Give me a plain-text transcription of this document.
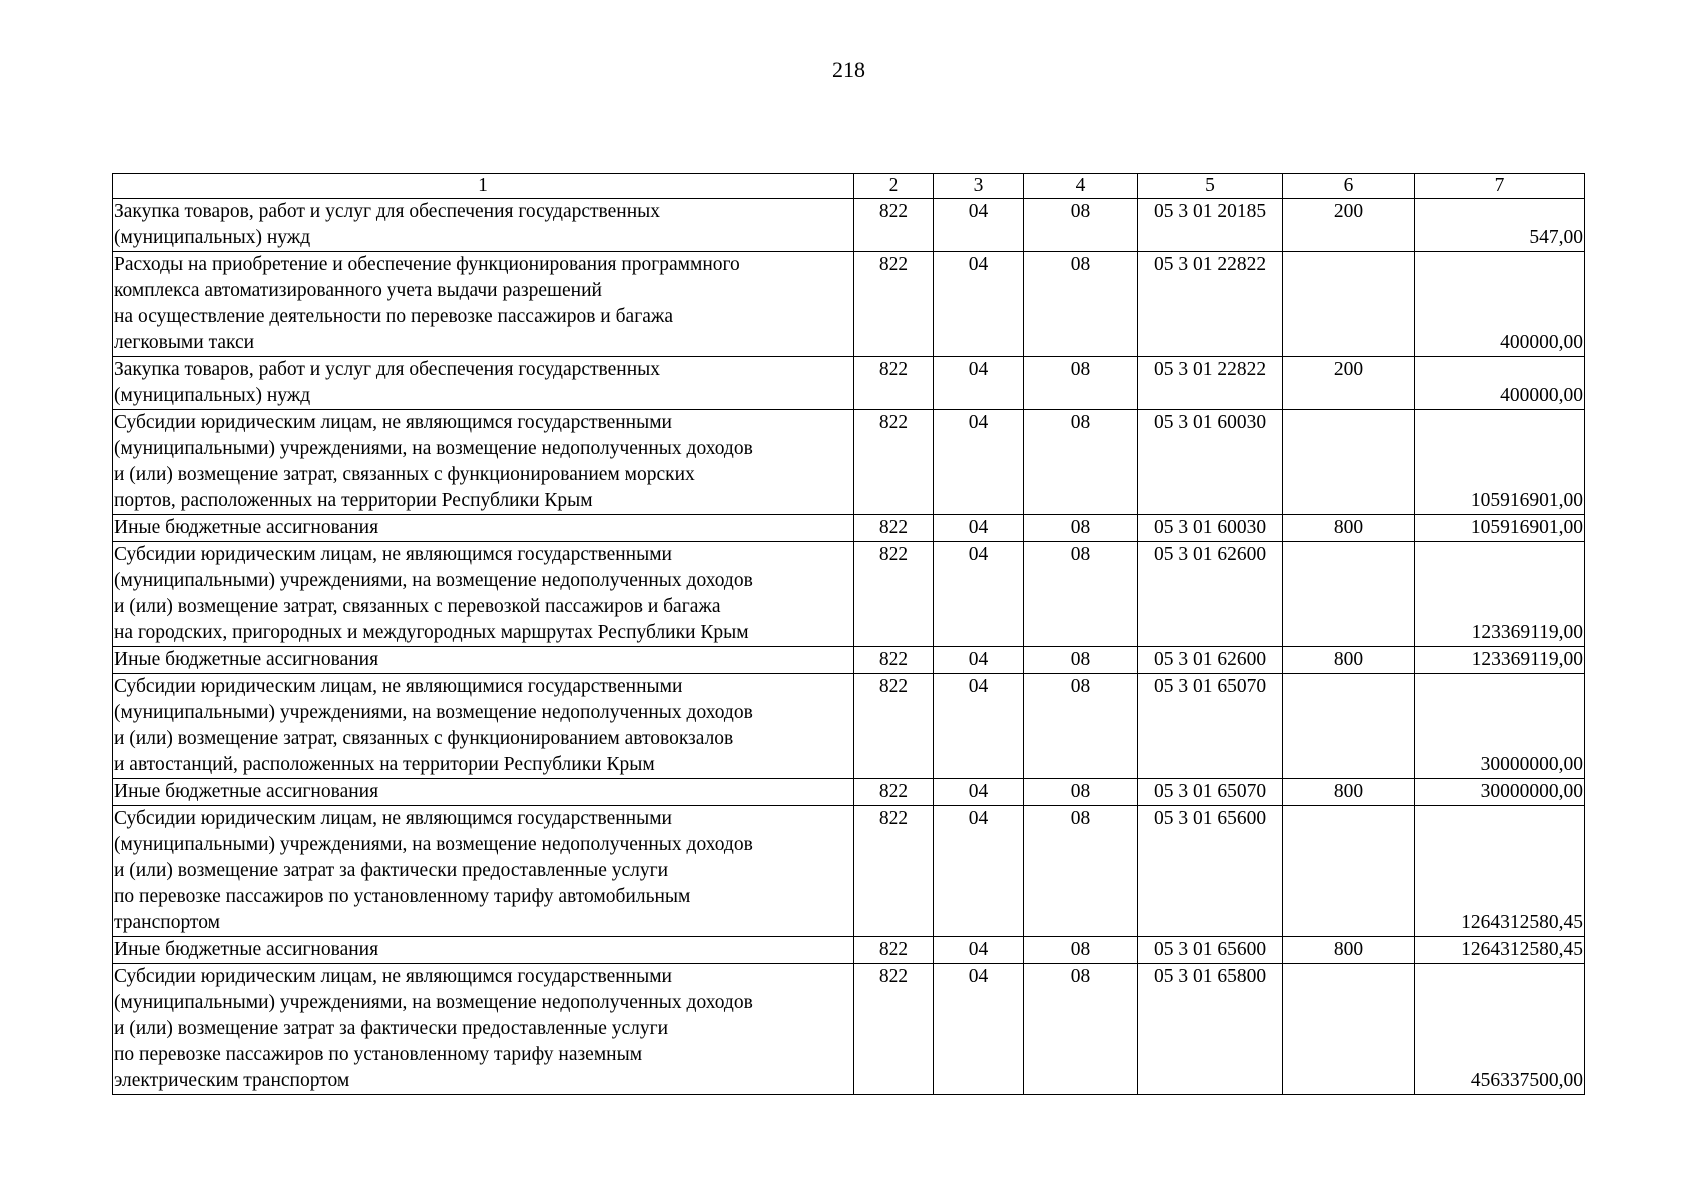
218
1	2	3	4	5	6	7
Закупка товаров, работ и услуг для обеспечения государственных
(муниципальных) нужд	822	04	08	05 3 01 20185	200	547,00
Расходы на приобретение и обеспечение функционирования программного
комплекса автоматизированного учета выдачи разрешений
на осуществление деятельности по перевозке пассажиров и багажа
легковыми такси	822	04	08	05 3 01 22822		400000,00
Закупка товаров, работ и услуг для обеспечения государственных
(муниципальных) нужд	822	04	08	05 3 01 22822	200	400000,00
Субсидии юридическим лицам, не являющимся государственными
(муниципальными) учреждениями, на возмещение недополученных доходов
и (или) возмещение затрат, связанных с функционированием морских
портов, расположенных на территории Республики Крым	822	04	08	05 3 01 60030		105916901,00
Иные бюджетные ассигнования	822	04	08	05 3 01 60030	800	105916901,00
Субсидии юридическим лицам, не являющимся государственными
(муниципальными) учреждениями, на возмещение недополученных доходов
и (или) возмещение затрат, связанных с перевозкой пассажиров и багажа
на городских, пригородных и междугородных маршрутах Республики Крым	822	04	08	05 3 01 62600		123369119,00
Иные бюджетные ассигнования	822	04	08	05 3 01 62600	800	123369119,00
Субсидии юридическим лицам, не являющимися государственными
(муниципальными) учреждениями, на возмещение недополученных доходов
и (или) возмещение затрат, связанных с функционированием автовокзалов
и автостанций, расположенных на территории Республики Крым	822	04	08	05 3 01 65070		30000000,00
Иные бюджетные ассигнования	822	04	08	05 3 01 65070	800	30000000,00
Субсидии юридическим лицам, не являющимся государственными
(муниципальными) учреждениями, на возмещение недополученных доходов
и (или) возмещение затрат за фактически предоставленные услуги
по перевозке пассажиров по установленному тарифу автомобильным
транспортом	822	04	08	05 3 01 65600		1264312580,45
Иные бюджетные ассигнования	822	04	08	05 3 01 65600	800	1264312580,45
Субсидии юридическим лицам, не являющимся государственными
(муниципальными) учреждениями, на возмещение недополученных доходов
и (или) возмещение затрат за фактически предоставленные услуги
по перевозке пассажиров по установленному тарифу наземным
электрическим транспортом	822	04	08	05 3 01 65800		456337500,00
